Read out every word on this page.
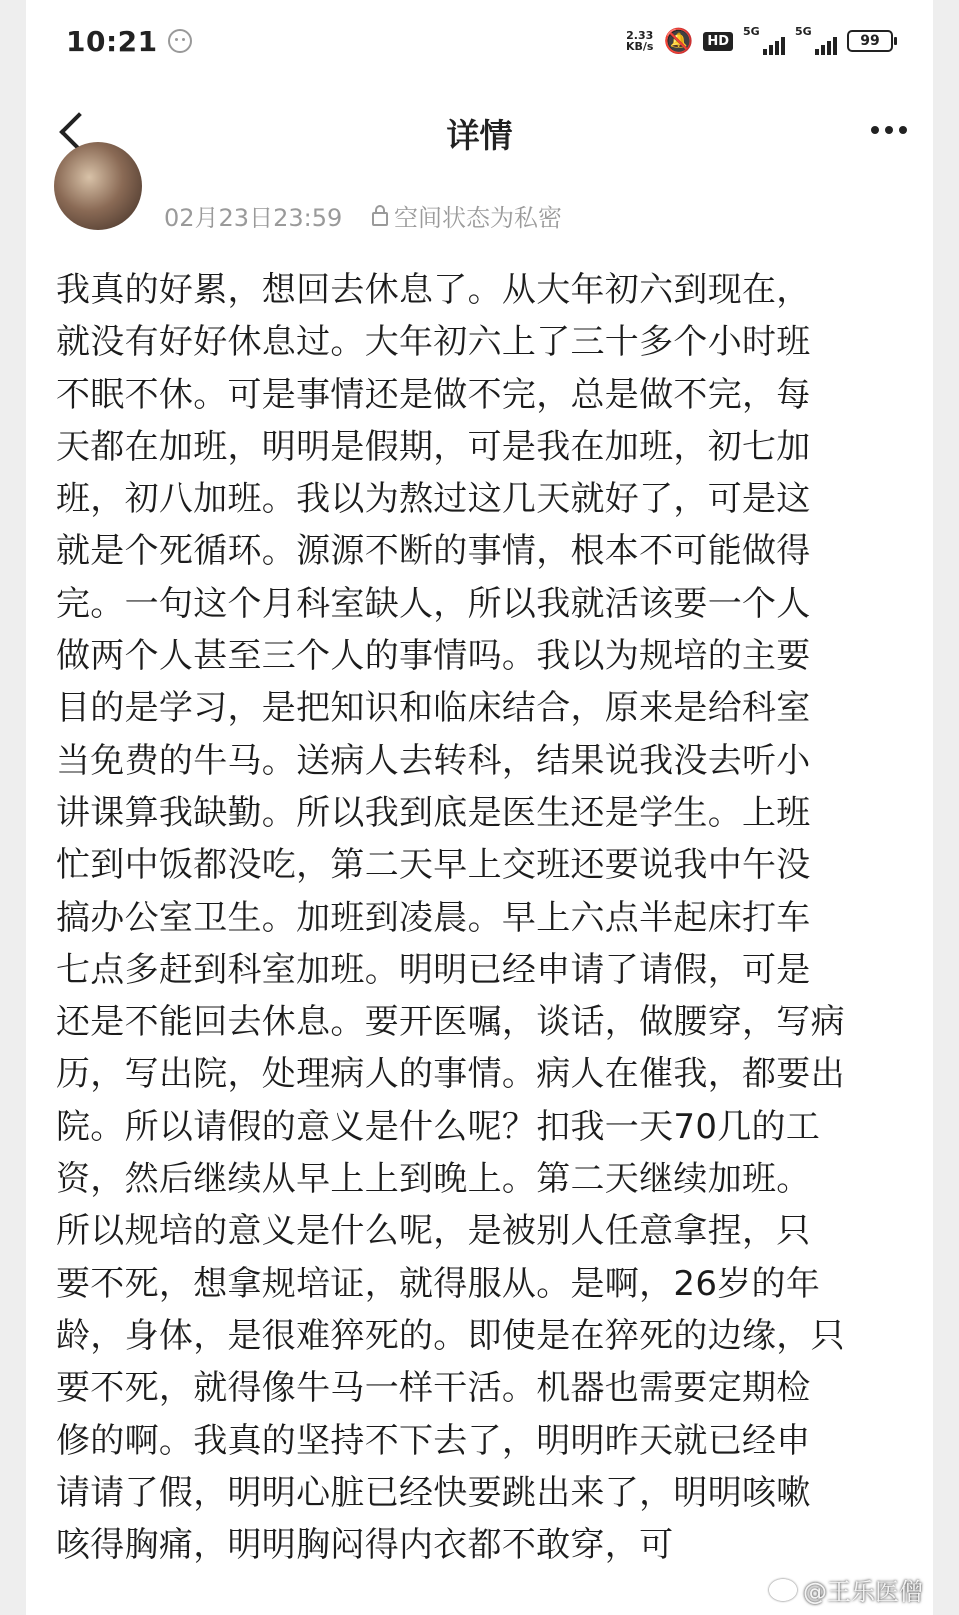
10:21	2.33
KB/s 🔕	HD
5G	5G
99
详情
02月23日23:59 空间状态为私密
我真的好累，想回去休息了。从大年初六到现在，
就没有好好休息过。大年初六上了三十多个小时班
不眠不休。可是事情还是做不完，总是做不完，每
天都在加班，明明是假期，可是我在加班，初七加
班，初八加班。我以为熬过这几天就好了，可是这
就是个死循环。源源不断的事情，根本不可能做得
完。一句这个月科室缺人，所以我就活该要一个人
做两个人甚至三个人的事情吗。我以为规培的主要
目的是学习，是把知识和临床结合，原来是给科室
当免费的牛马。送病人去转科，结果说我没去听小
讲课算我缺勤。所以我到底是医生还是学生。上班
忙到中饭都没吃，第二天早上交班还要说我中午没
搞办公室卫生。加班到凌晨。早上六点半起床打车
七点多赶到科室加班。明明已经申请了请假，可是
还是不能回去休息。要开医嘱，谈话，做腰穿，写病
历，写出院，处理病人的事情。病人在催我，都要出
院。所以请假的意义是什么呢？扣我一天70几的工
资，然后继续从早上上到晚上。第二天继续加班。
所以规培的意义是什么呢，是被别人任意拿捏，只
要不死，想拿规培证，就得服从。是啊，26岁的年
龄，身体，是很难猝死的。即使是在猝死的边缘，只
要不死，就得像牛马一样干活。机器也需要定期检
修的啊。我真的坚持不下去了，明明昨天就已经申
请请了假，明明心脏已经快要跳出来了，明明咳嗽
咳得胸痛，明明胸闷得内衣都不敢穿，可
@王乐医僧
